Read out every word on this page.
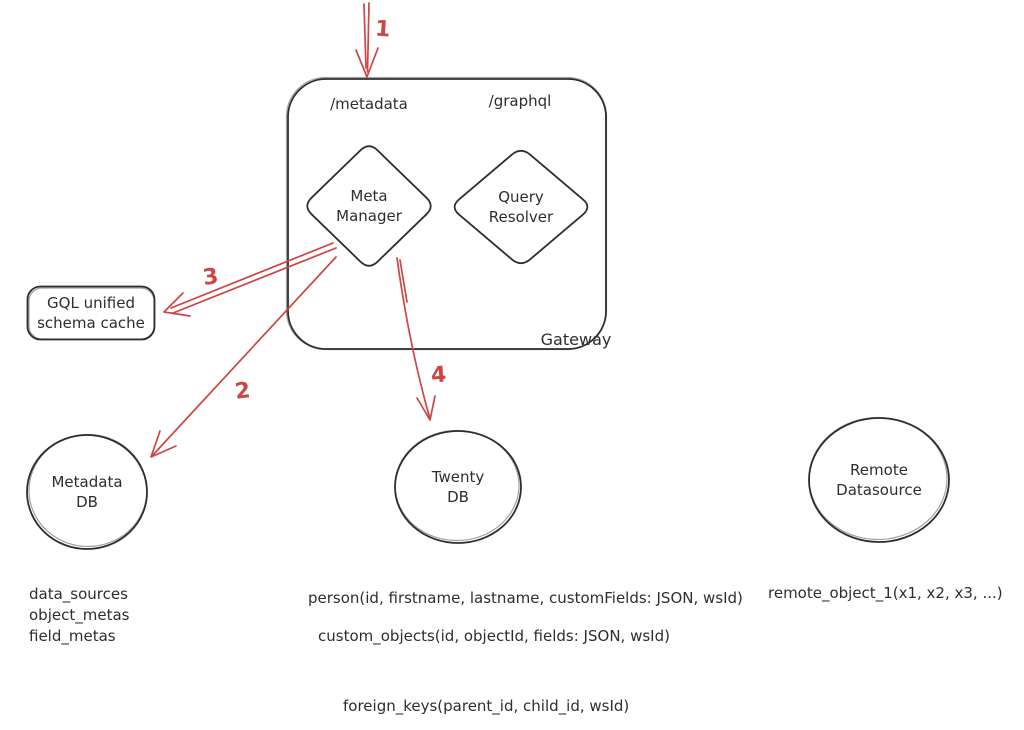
/metadata	/graphql
Gateway
Meta
Manager
Query
Resolver
GQL unified
schema cache
Metadata
DB
Twenty
DB
Remote
Datasource
1
2
3
4
data_sources
object_metas
field_metas
person(id, firstname, lastname, customFields: JSON, wsId)
custom_objects(id, objectId, fields: JSON, wsId)
foreign_keys(parent_id, child_id, wsId)
remote_object_1(x1, x2, x3, ...)
